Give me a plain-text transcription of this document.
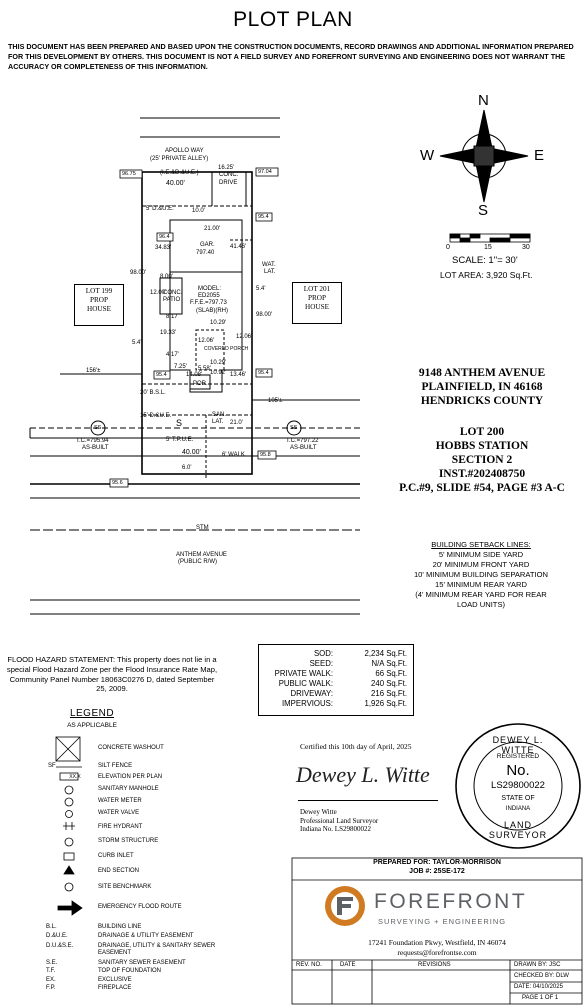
PLOT PLAN
THIS DOCUMENT HAS BEEN PREPARED AND BASED UPON THE CONSTRUCTION DOCUMENTS, RECORD DRAWINGS AND ADDITIONAL INFORMATION PREPARED FOR THIS DEVELOPMENT BY OTHERS. THIS DOCUMENT IS NOT A FIELD SURVEY AND FOREFRONT SURVEYING AND ENGINEERING DOES NOT WARRANT THE ACCURACY OR COMPLETENESS OF THIS INFORMATION.
N
S
W	E
0	15	30
SCALE: 1"= 30'
LOT AREA: 3,920 Sq.Ft.
9148 ANTHEM AVENUE
PLAINFIELD, IN 46168
HENDRICKS COUNTY
LOT 200
HOBBS STATION
SECTION 2
INST.#202408750
P.C.#9, SLIDE #54, PAGE #3 A-C
BUILDING SETBACK LINES:
5' MINIMUM SIDE YARD
20' MINIMUM FRONT YARD
10' MINIMUM BUILDING SEPARATION
15' MINIMUM REAR YARD
(4' MINIMUM REAR YARD FOR REAR
LOAD UNITS)
APOLLO WAY
(25' PRIVATE ALLEY)
(I.E.&D.&U.E.)
40.00'
16.25'
CONC.
DRIVE
96.75	97.04
5' D.&U.E.	10.0'
21.00'
34.83'	41.46'
GAR.
797.40
95.4
96.4
WAT.
LAT.
98.00'
98.00'
8.00'
12.00'
CONC.
PATIO
MODEL:
ED2055
F.F.E.=797.73
(SLAB)(RH)
5.4'
8.17
10.29'
19.33'
12.06'
12.06'
COVERED PORCH
5.4'
4.17'
156'±
14.08'
10.29'
5.58'
10.92' 13.46'
7.25'
POR.
95.4	95.4
20' B.S.L.
105'±
15' D.&U.E.	SAN.
LAT.
5' T.P.U.E.
21.0'
40.00'	6' WALK
6.0'
95.8
95.6
SS	SS
T.C.=795.94
AS-BUILT
T.C.=797.22
AS-BUILT
S
STM
ANTHEM AVENUE
(PUBLIC R/W)
LOT 199
PROP
HOUSE
LOT 201
PROP
HOUSE
FLOOD HAZARD STATEMENT: This property does not lie in a special Flood Hazard Zone per the Flood Insurance Rate Map, Community Panel Number 18063C0276 D, dated September 25, 2009.
SOD:	2,234 Sq.Ft.
SEED:	N/A Sq.Ft.
PRIVATE WALK:	66 Sq.Ft.
PUBLIC WALK:	240 Sq.Ft.
DRIVEWAY:	216 Sq.Ft.
IMPERVIOUS:	1,926 Sq.Ft.
LEGEND
AS APPLICABLE
CONCRETE WASHOUT
SF	SILT FENCE
XX.X	ELEVATION PER PLAN
SANITARY MANHOLE
WATER METER
WATER VALVE
FIRE HYDRANT
STORM STRUCTURE
CURB INLET
END SECTION
SITE BENCHMARK
EMERGENCY FLOOD ROUTE
B.L.	BUILDING LINE
D.&U.E.	DRAINAGE & UTILITY EASEMENT
D.U.&S.E.	DRAINAGE, UTILITY & SANITARY SEWER EASEMENT
S.E.	SANITARY SEWER EASEMENT
T.F.	TOP OF FOUNDATION
EX.	EXCLUSIVE
F.P.	FIREPLACE
Certified this 10th day of April, 2025
Dewey L. Witte
Dewey Witte
Professional Land Surveyor
Indiana No. LS29800022
DEWEY L. WITTE
REGISTERED
No.
LS29800022
STATE OF
INDIANA
LAND SURVEYOR
PREPARED FOR: TAYLOR-MORRISON
JOB #: 25SE-172
FOREFRONT
SURVEYING + ENGINEERING
17241 Foundation Pkwy, Westfield, IN 46074
requests@forefrontse.com
REV. NO.	DATE	REVISIONS	DRAWN BY: JSC
CHECKED BY: DLW
DATE: 04/10/2025
PAGE 1 OF 1
